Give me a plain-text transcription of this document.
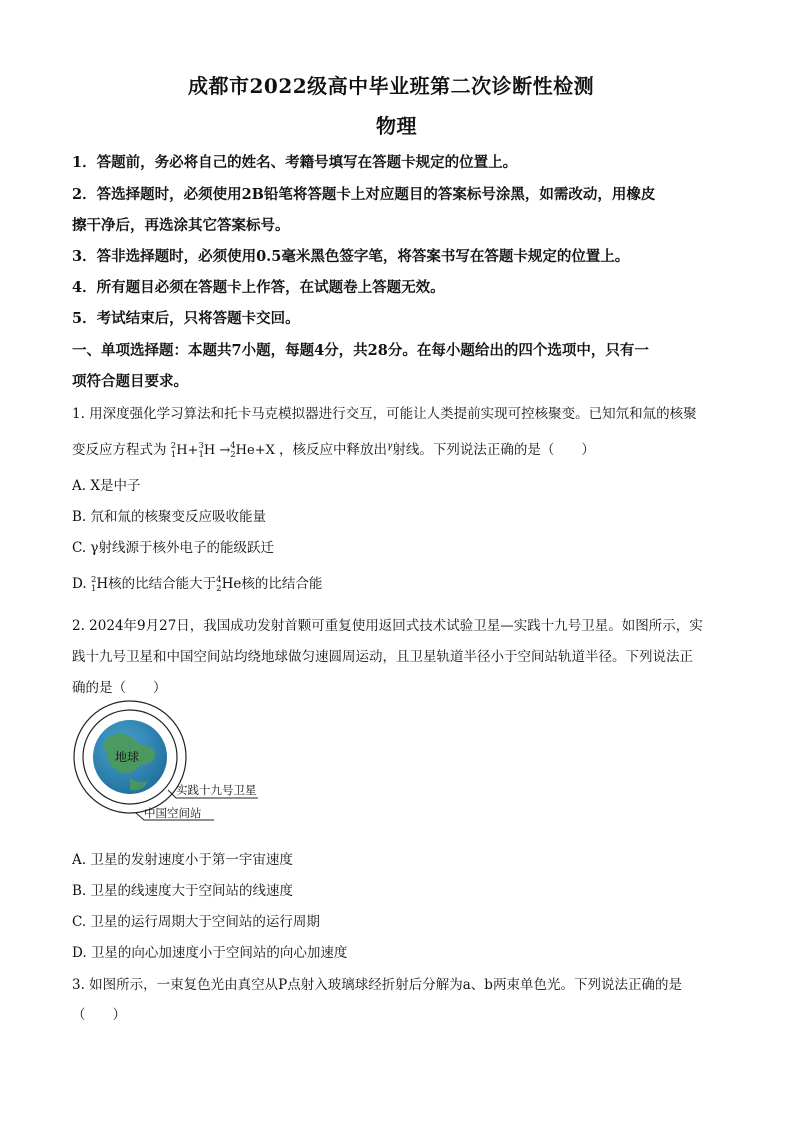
成都市2022级高中毕业班第二次诊断性检测
物理
1．答题前，务必将自己的姓名、考籍号填写在答题卡规定的位置上。
2．答选择题时，必须使用2B铅笔将答题卡上对应题目的答案标号涂黑，如需改动，用橡皮
擦干净后，再选涂其它答案标号。
3．答非选择题时，必须使用0.5毫米黑色签字笔，将答案书写在答题卡规定的位置上。
4．所有题目必须在答题卡上作答，在试题卷上答题无效。
5．考试结束后，只将答题卡交回。
一、单项选择题：本题共7小题，每题4分，共28分。在每小题给出的四个选项中，只有一
项符合题目要求。
1. 用深度强化学习算法和托卡马克模拟器进行交互，可能让人类提前实现可控核聚变。已知氘和氚的核聚
变反应方程式为 2
1H+3
1H →4
2He+X ，核反应中释放出$^\gamma$射线。下列说法正确的是（　　）
A. X是中子
B. 氘和氚的核聚变反应吸收能量
C. γ射线源于核外电子的能级跃迁
D. 2
1H核的比结合能大于4
2He核的比结合能
2. 2024年9月27日，我国成功发射首颗可重复使用返回式技术试验卫星—实践十九号卫星。如图所示，实
践十九号卫星和中国空间站均绕地球做匀速圆周运动，且卫星轨道半径小于空间站轨道半径。下列说法正
确的是（　　）
地球
实践十九号卫星
中国空间站
A. 卫星的发射速度小于第一宇宙速度
B. 卫星的线速度大于空间站的线速度
C. 卫星的运行周期大于空间站的运行周期
D. 卫星的向心加速度小于空间站的向心加速度
3. 如图所示，一束复色光由真空从P点射入玻璃球经折射后分解为a、b两束单色光。下列说法正确的是
（　　）
